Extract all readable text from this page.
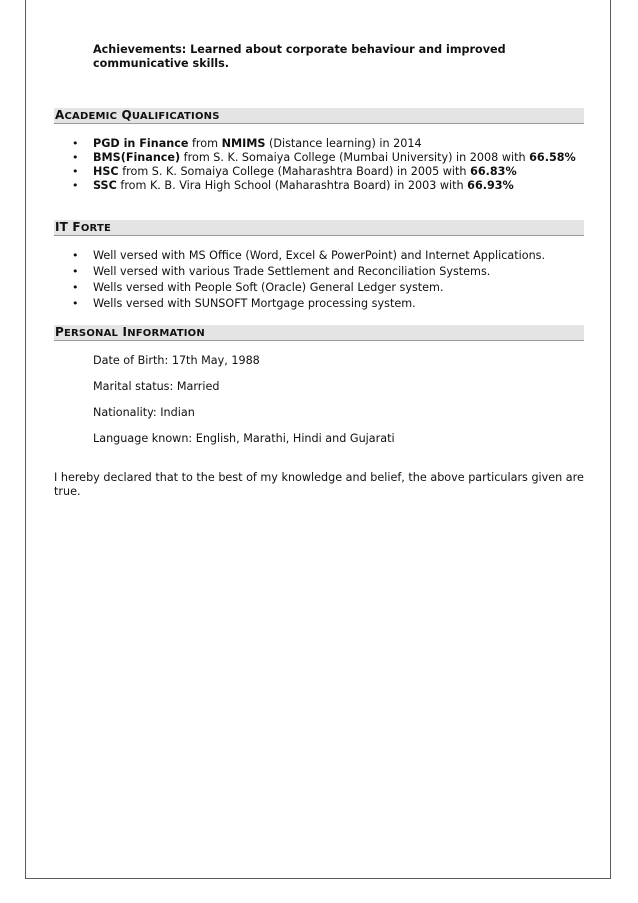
Achievements: Learned about corporate behaviour and improved communicative skills.

ACADEMIC QUALIFICATIONS
• PGD in Finance from NMIMS (Distance learning) in 2014
• BMS(Finance) from S. K. Somaiya College (Mumbai University) in 2008 with 66.58%
• HSC from S. K. Somaiya College (Maharashtra Board) in 2005 with 66.83%
• SSC from K. B. Vira High School (Maharashtra Board) in 2003 with 66.93%
IT FORTE
• Well versed with MS Office (Word, Excel & PowerPoint) and Internet Applications.
• Well versed with various Trade Settlement and Reconciliation Systems.
• Wells versed with People Soft (Oracle) General Ledger system.
• Wells versed with SUNSOFT Mortgage processing system.
PERSONAL INFORMATION
Date of Birth: 17th May, 1988
Marital status: Married
Nationality: Indian
Language known: English, Marathi, Hindi and Gujarati

I hereby declared that to the best of my knowledge and belief, the above particulars given are true.
